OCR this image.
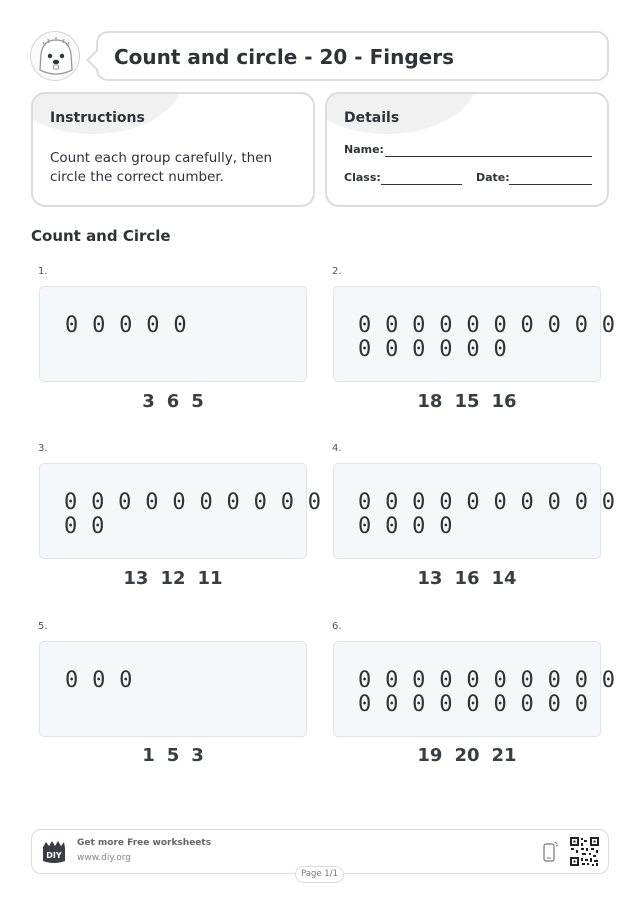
Count and circle - 20 - Fingers
Instructions
Count each group carefully, then circle the correct number.
Details
Name:
Class:	Date:
Count and Circle
1.
0 0 0 0 0
3 6 5
2.
0 0 0 0 0 0 0 0 0 0
0 0 0 0 0 0
18 15 16
3.
0 0 0 0 0 0 0 0 0 0
0 0
13 12 11
4.
0 0 0 0 0 0 0 0 0 0
0 0 0 0
13 16 14
5.
0 0 0
1 5 3
6.
0 0 0 0 0 0 0 0 0 0
0 0 0 0 0 0 0 0 0
19 20 21
DIY
Get more Free worksheets
www.diy.org
Page 1/1
